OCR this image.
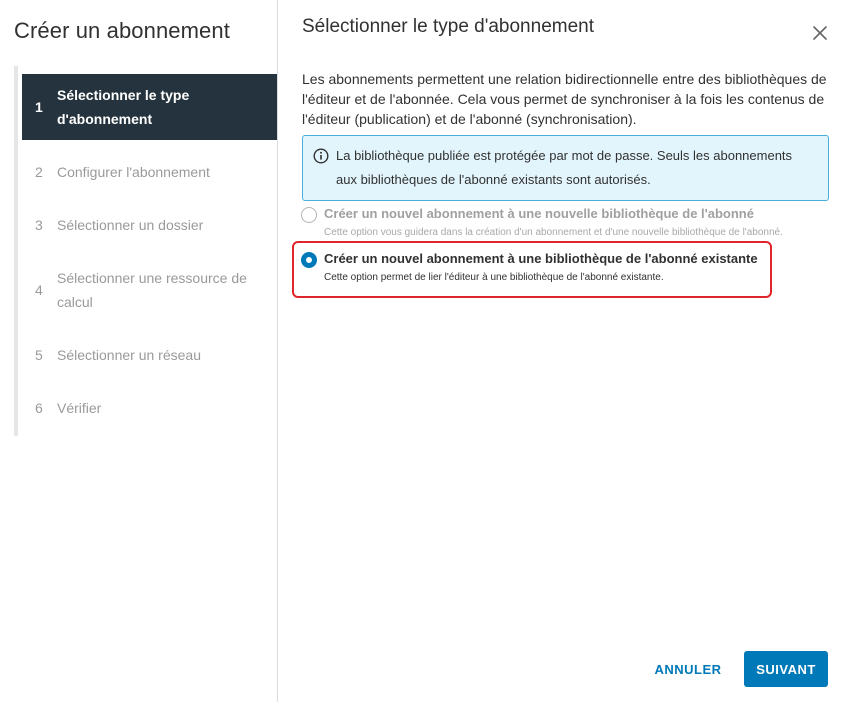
Créer un abonnement
1
Sélectionner le type d'abonnement
2	Configurer l'abonnement
3	Sélectionner un dossier
4
Sélectionner une ressource de calcul
5	Sélectionner un réseau
6	Vérifier
Sélectionner le type d'abonnement
Les abonnements permettent une relation bidirectionnelle entre des bibliothèques de l'éditeur et de l'abonnée. Cela vous permet de synchroniser à la fois les contenus de l'éditeur (publication) et de l'abonné (synchronisation).
La bibliothèque publiée est protégée par mot de passe. Seuls les abonnements aux bibliothèques de l'abonné existants sont autorisés.
Créer un nouvel abonnement à une nouvelle bibliothèque de l'abonné
Cette option vous guidera dans la création d'un abonnement et d'une nouvelle bibliothèque de l'abonné.
Créer un nouvel abonnement à une bibliothèque de l'abonné existante
Cette option permet de lier l'éditeur à une bibliothèque de l'abonné existante.
ANNULER	SUIVANT
